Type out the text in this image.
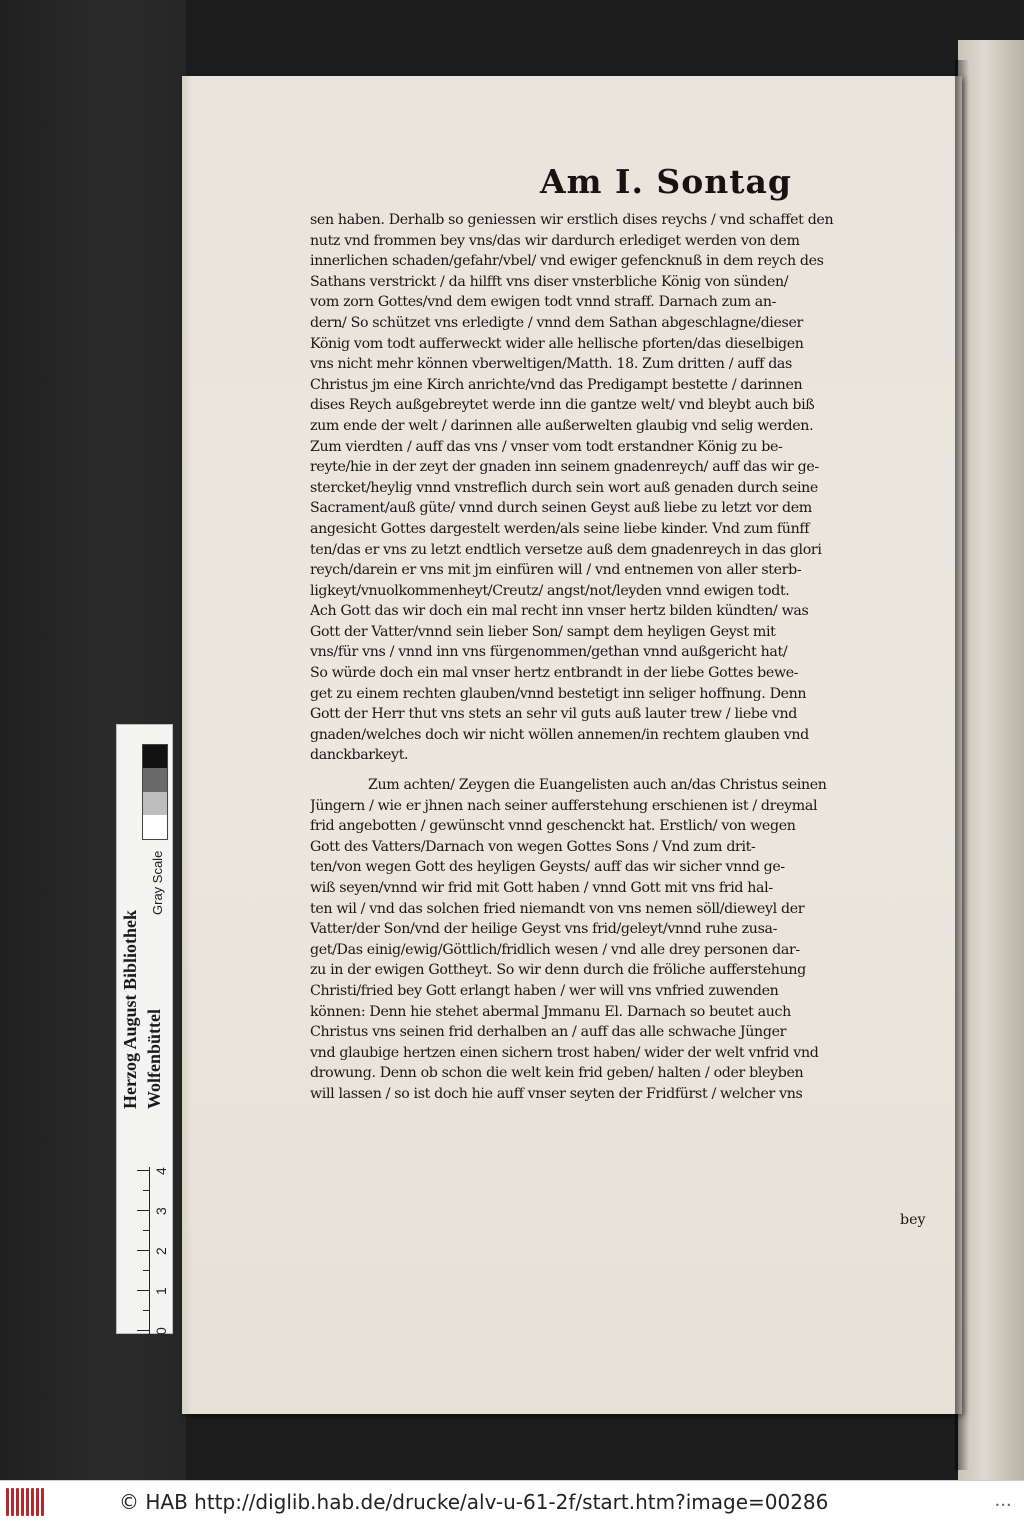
Am I. Sontag
sen haben. Derhalb so geniessen wir erstlich dises reychs / vnd schaffet den
nutz vnd frommen bey vns/das wir dardurch erlediget werden von dem
innerlichen schaden/gefahr/vbel/ vnd ewiger gefencknuß in dem reych des
Sathans verstrickt / da hilfft vns diser vnsterbliche König von sünden/
vom zorn Gottes/vnd dem ewigen todt vnnd straff. Darnach zum an-
dern/ So schützet vns erledigte / vnnd dem Sathan abgeschlagne/dieser
König vom todt aufferweckt wider alle hellische pforten/das dieselbigen
vns nicht mehr können vberweltigen/Matth. 18. Zum dritten / auff das
Christus jm eine Kirch anrichte/vnd das Predigampt bestette / darinnen
dises Reych außgebreytet werde inn die gantze welt/ vnd bleybt auch biß
zum ende der welt / darinnen alle außerwelten glaubig vnd selig werden.
Zum vierdten / auff das vns / vnser vom todt erstandner König zu be-
reyte/hie in der zeyt der gnaden inn seinem gnadenreych/ auff das wir ge-
stercket/heylig vnnd vnstreflich durch sein wort auß genaden durch seine
Sacrament/auß güte/ vnnd durch seinen Geyst auß liebe zu letzt vor dem
angesicht Gottes dargestelt werden/als seine liebe kinder. Vnd zum fünff
ten/das er vns zu letzt endtlich versetze auß dem gnadenreych in das glori
reych/darein er vns mit jm einfüren will / vnd entnemen von aller sterb-
ligkeyt/vnuolkommenheyt/Creutz/ angst/not/leyden vnnd ewigen todt.
Ach Gott das wir doch ein mal recht inn vnser hertz bilden kündten/ was
Gott der Vatter/vnnd sein lieber Son/ sampt dem heyligen Geyst mit
vns/für vns / vnnd inn vns fürgenommen/gethan vnnd außgericht hat/
So würde doch ein mal vnser hertz entbrandt in der liebe Gottes bewe-
get zu einem rechten glauben/vnnd bestetigt inn seliger hoffnung. Denn
Gott der Herr thut vns stets an sehr vil guts auß lauter trew / liebe vnd
gnaden/welches doch wir nicht wöllen annemen/in rechtem glauben vnd
danckbarkeyt.
Zum achten/ Zeygen die Euangelisten auch an/das Christus seinen
Jüngern / wie er jhnen nach seiner aufferstehung erschienen ist / dreymal
frid angebotten / gewünscht vnnd geschenckt hat. Erstlich/ von wegen
Gott des Vatters/Darnach von wegen Gottes Sons / Vnd zum drit-
ten/von wegen Gott des heyligen Geysts/ auff das wir sicher vnnd ge-
wiß seyen/vnnd wir frid mit Gott haben / vnnd Gott mit vns frid hal-
ten wil / vnd das solchen fried niemandt von vns nemen söll/dieweyl der
Vatter/der Son/vnd der heilige Geyst vns frid/geleyt/vnnd ruhe zusa-
get/Das einig/ewig/Göttlich/fridlich wesen / vnd alle drey personen dar-
zu in der ewigen Gottheyt. So wir denn durch die fröliche aufferstehung
Christi/fried bey Gott erlangt haben / wer will vns vnfried zuwenden
können: Denn hie stehet abermal Jmmanu El. Darnach so beutet auch
Christus vns seinen frid derhalben an / auff das alle schwache Jünger
vnd glaubige hertzen einen sichern trost haben/ wider der welt vnfrid vnd
drowung. Denn ob schon die welt kein frid geben/ halten / oder bleyben
will lassen / so ist doch hie auff vnser seyten der Fridfürst / welcher vns
bey
Herzog August Bibliothek Wolfenbüttel
Gray Scale
0
1
2
3
4
© HAB http://diglib.hab.de/drucke/alv-u-61-2f/start.htm?image=00286	•••
